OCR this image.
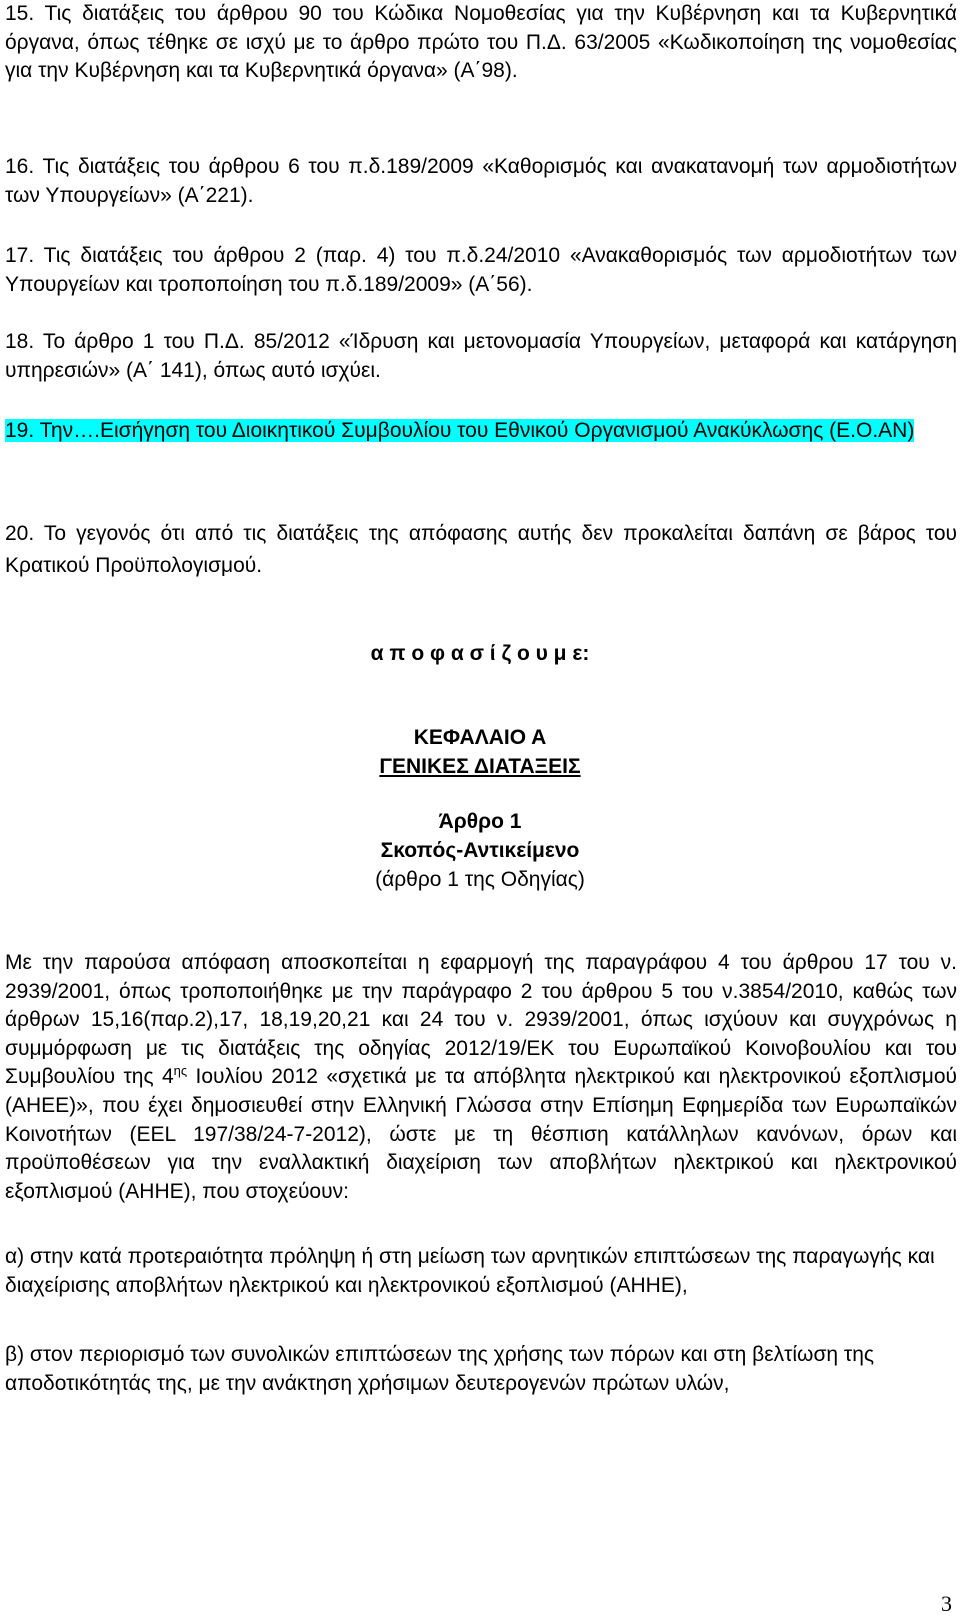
15. Τις διατάξεις του άρθρου 90 του Κώδικα Νομοθεσίας για την Κυβέρνηση και τα Κυβερνητικά όργανα, όπως τέθηκε σε ισχύ με το άρθρο πρώτο του Π.Δ. 63/2005 «Κωδικοποίηση της νομοθεσίας για την Κυβέρνηση και τα Κυβερνητικά όργανα» (Α΄98).

16. Τις διατάξεις του άρθρου 6 του π.δ.189/2009 «Καθορισμός και ανακατανομή των αρμοδιοτήτων των Υπουργείων» (Α΄221).

17. Τις διατάξεις του άρθρου 2 (παρ. 4) του π.δ.24/2010 «Ανακαθορισμός των αρμοδιοτήτων των Υπουργείων και τροποποίηση του π.δ.189/2009» (Α΄56).

18. Το άρθρο 1 του Π.Δ. 85/2012 «Ίδρυση και μετονομασία Υπουργείων, μεταφορά και κατάργηση υπηρεσιών» (Α΄ 141), όπως αυτό ισχύει.

19. Την….Εισήγηση του Διοικητικού Συμβουλίου του Εθνικού Οργανισμού Ανακύκλωσης (Ε.Ο.ΑΝ)

20. Το γεγονός ότι από τις διατάξεις της απόφασης αυτής δεν προκαλείται δαπάνη σε βάρος του Κρατικού Προϋπολογισμού.

α π ο φ α σ ί ζ ο υ μ ε:

ΚΕΦΑΛΑΙΟ Α

ΓΕΝΙΚΕΣ ΔΙΑΤΑΞΕΙΣ

Άρθρο 1

Σκοπός-Αντικείμενο

(άρθρο 1 της Οδηγίας)

Με την παρούσα απόφαση αποσκοπείται η εφαρμογή της παραγράφου 4 του άρθρου 17 του ν. 2939/2001, όπως τροποποιήθηκε με την παράγραφο 2 του άρθρου 5 του ν.3854/2010, καθώς των άρθρων 15,16(παρ.2),17, 18,19,20,21 και 24 του ν. 2939/2001, όπως ισχύουν και συγχρόνως η συμμόρφωση με τις διατάξεις της οδηγίας 2012/19/ΕΚ του Ευρωπαϊκού Κοινοβουλίου και του Συμβουλίου της $4^{\eta\varsigma}$ Ιουλίου 2012 «σχετικά με τα απόβλητα ηλεκτρικού και ηλεκτρονικού εξοπλισμού (ΑΗΕΕ)», που έχει δημοσιευθεί στην Ελληνική Γλώσσα στην Επίσημη Εφημερίδα των Ευρωπαϊκών Κοινοτήτων (EEL 197/38/24-7-2012), ώστε με τη θέσπιση κατάλληλων κανόνων, όρων και προϋποθέσεων για την εναλλακτική διαχείριση των αποβλήτων ηλεκτρικού και ηλεκτρονικού εξοπλισμού (ΑΗΗΕ), που στοχεύουν:

α) στην κατά προτεραιότητα πρόληψη ή στη μείωση των αρνητικών επιπτώσεων της παραγωγής και διαχείρισης αποβλήτων ηλεκτρικού και ηλεκτρονικού εξοπλισμού (ΑΗΗΕ),

β) στον περιορισμό των συνολικών επιπτώσεων της χρήσης των πόρων και στη βελτίωση της αποδοτικότητάς της, με την ανάκτηση χρήσιμων δευτερογενών πρώτων υλών,

3
